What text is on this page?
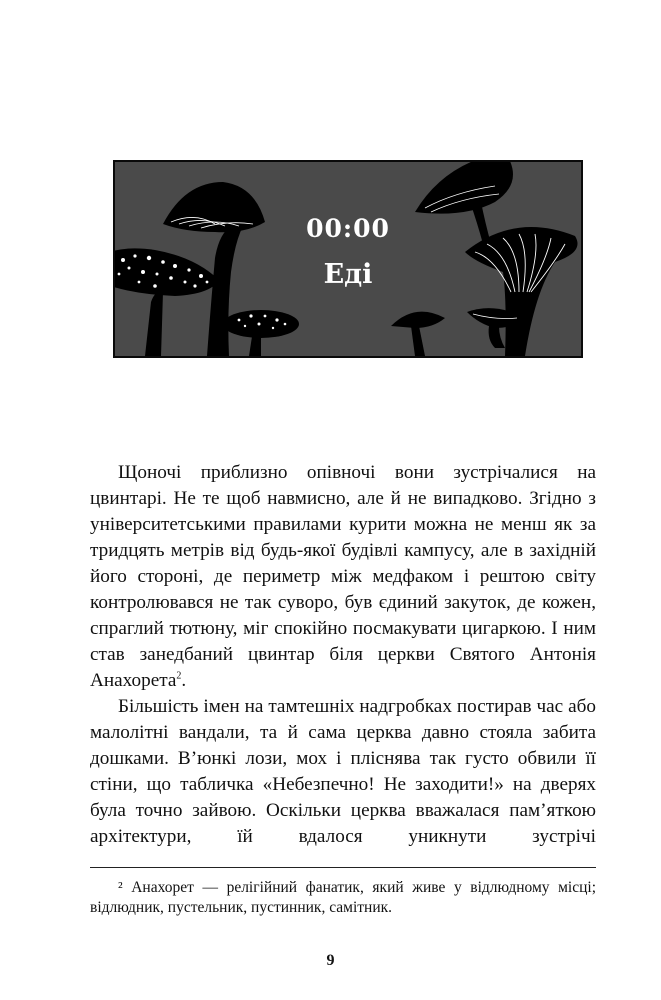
00:00
Еді

Щоночі приблизно опівночі вони зустрічалися на цвинтарі. Не те щоб навмисно, але й не випадково. Згідно з університетськими правилами курити можна не менш як за тридцять метрів від будь-якої будівлі кампусу, але в західній його стороні, де периметр між медфаком і рештою світу контролювався не так суворо, був єдиний закуток, де кожен, спраглий тютюну, міг спокійно посмакувати цигаркою. І ним став занедбаний цвинтар біля церкви Святого Антонія Анахорета$^2$.

Більшість імен на тамтешніх надгробках постирав час або малолітні вандали, та й сама церква давно стояла забита дошками. В’юнкі лози, мох і пліснява так густо обвили її стіни, що табличка «Небезпечно! Не заходити!» на дверях була точно зайвою. Оскільки церква вважалася пам’яткою архітектури, їй вдалося уникнути зустрічі

² Анахорет — релігійний фанатик, який живе у відлюдному місці; відлюдник, пустельник, пустинник, самітник.
9
